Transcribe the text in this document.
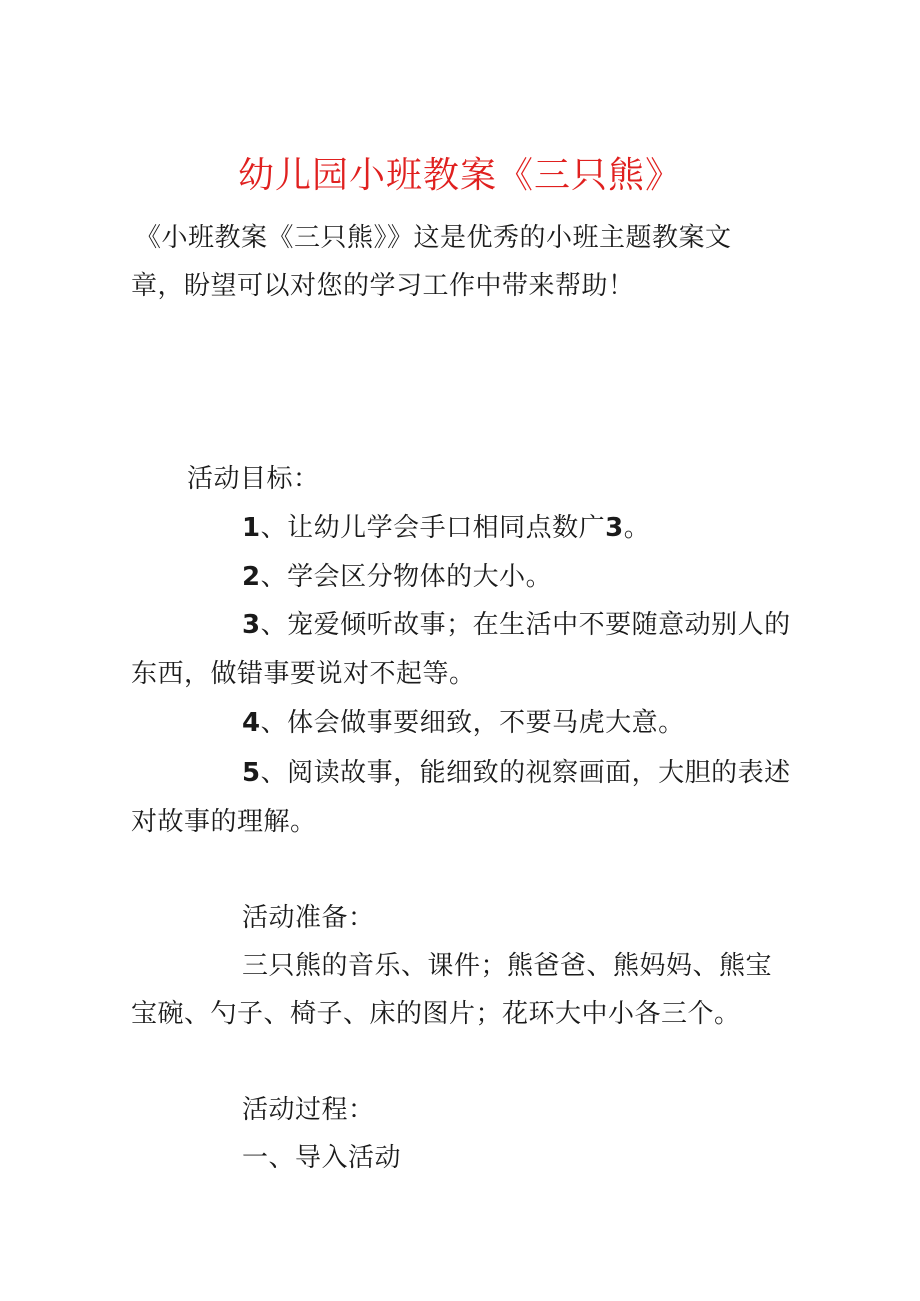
幼儿园小班教案《三只熊》
《小班教案《三只熊》》这是优秀的小班主题教案文
章，盼望可以对您的学习工作中带来帮助！
活动目标：
1、让幼儿学会手口相同点数广3。
2、学会区分物体的大小。
3、宠爱倾听故事；在生活中不要随意动别人的
东西，做错事要说对不起等。
4、体会做事要细致，不要马虎大意。
5、阅读故事，能细致的视察画面，大胆的表述
对故事的理解。
活动准备：
三只熊的音乐、课件；熊爸爸、熊妈妈、熊宝
宝碗、勺子、椅子、床的图片；花环大中小各三个。
活动过程：
一、导入活动
